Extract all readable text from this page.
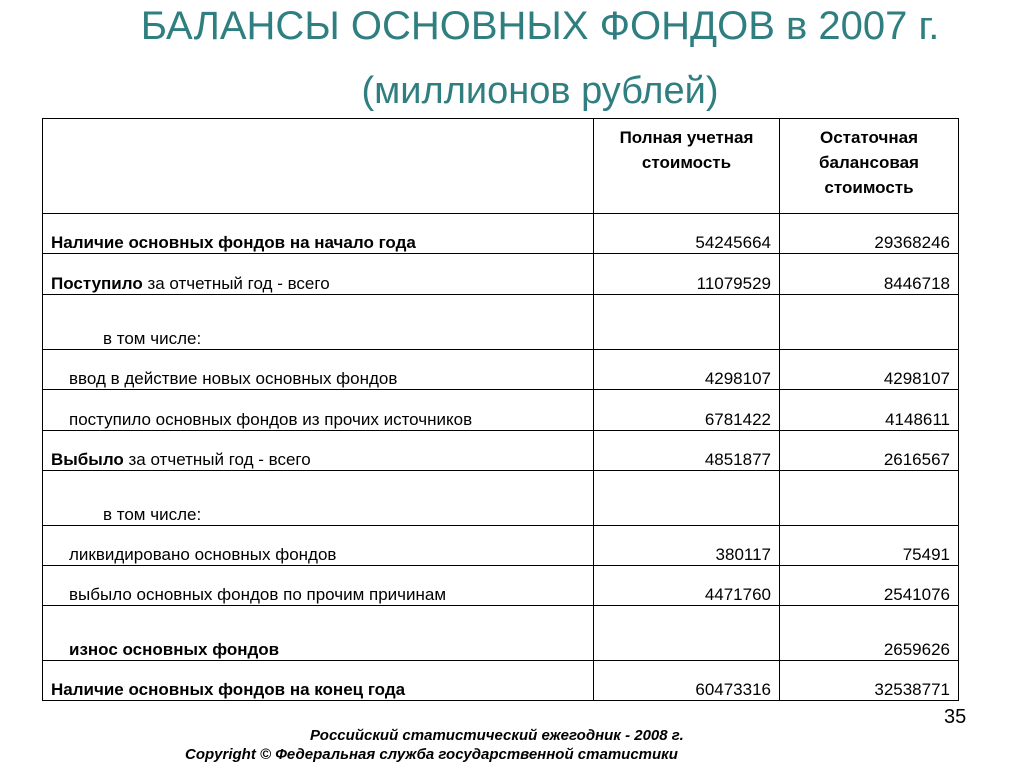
БАЛАНСЫ ОСНОВНЫХ ФОНДОВ в 2007 г.
(миллионов рублей)
	Полная учетная стоимость	Остаточная балансовая стоимость
Наличие основных фондов на начало года	54245664	29368246
Поступило за отчетный год - всего	11079529	8446718
в том числе:		
ввод в действие новых основных фондов	4298107	4298107
поступило основных фондов из прочих источников	6781422	4148611
Выбыло за отчетный год - всего	4851877	2616567
в том числе:		
ликвидировано основных фондов	380117	75491
выбыло основных фондов по прочим причинам	4471760	2541076
износ основных фондов		2659626
Наличие основных фондов на конец года	60473316	32538771
35
Российский статистический ежегодник - 2008 г.
Copyright © Федеральная служба государственной статистики
